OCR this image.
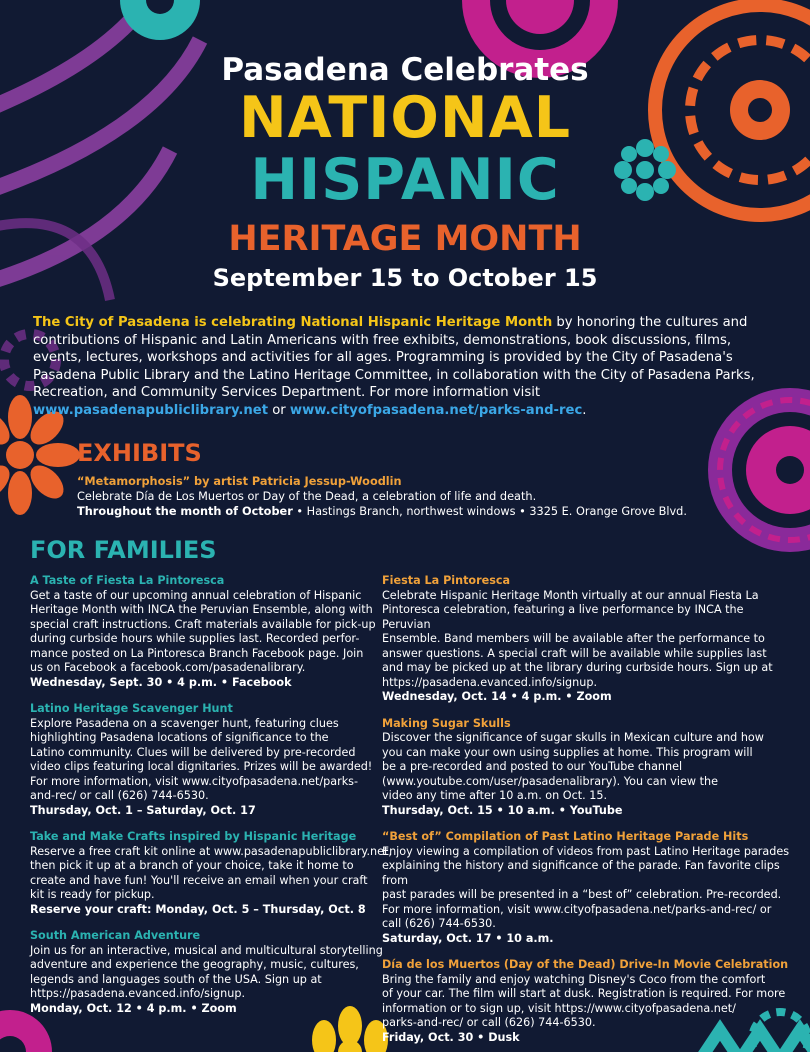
Pasadena Celebrates
NATIONAL
HISPANIC
HERITAGE MONTH
September 15 to October 15

The City of Pasadena is celebrating National Hispanic Heritage Month by honoring the cultures and contributions of Hispanic and Latin Americans with free exhibits, demonstrations, book discussions, films, events, lectures, workshops and activities for all ages. Programming is provided by the City of Pasadena's Pasadena Public Library and the Latino Heritage Committee, in collaboration with the City of Pasadena Parks, Recreation, and Community Services Department. For more information visit www.pasadenapubliclibrary.net or www.cityofpasadena.net/parks-and-rec.

EXHIBITS
“Metamorphosis” by artist Patricia Jessup-Woodlin
Celebrate Día de Los Muertos or Day of the Dead, a celebration of life and death.
Throughout the month of October • Hastings Branch, northwest windows • 3325 E. Orange Grove Blvd.
FOR FAMILIES
A Taste of Fiesta La Pintoresca
Get a taste of our upcoming annual celebration of Hispanic
Heritage Month with INCA the Peruvian Ensemble, along with
special craft instructions. Craft materials available for pick-up
during curbside hours while supplies last. Recorded perfor-
mance posted on La Pintoresca Branch Facebook page. Join
us on Facebook a facebook.com/pasadenalibrary.
Wednesday, Sept. 30 • 4 p.m. • Facebook
Latino Heritage Scavenger Hunt
Explore Pasadena on a scavenger hunt, featuring clues
highlighting Pasadena locations of significance to the
Latino community. Clues will be delivered by pre-recorded
video clips featuring local dignitaries. Prizes will be awarded!
For more information, visit www.cityofpasadena.net/parks-
and-rec/ or call (626) 744-6530.
Thursday, Oct. 1 – Saturday, Oct. 17
Take and Make Crafts inspired by Hispanic Heritage
Reserve a free craft kit online at www.pasadenapubliclibrary.net,
then pick it up at a branch of your choice, take it home to
create and have fun! You'll receive an email when your craft
kit is ready for pickup.
Reserve your craft: Monday, Oct. 5 – Thursday, Oct. 8
South American Adventure
Join us for an interactive, musical and multicultural storytelling
adventure and experience the geography, music, cultures,
legends and languages south of the USA. Sign up at
https://pasadena.evanced.info/signup.
Monday, Oct. 12 • 4 p.m. • Zoom
Fiesta La Pintoresca
Celebrate Hispanic Heritage Month virtually at our annual Fiesta La
Pintoresca celebration, featuring a live performance by INCA the Peruvian
Ensemble. Band members will be available after the performance to
answer questions. A special craft will be available while supplies last
and may be picked up at the library during curbside hours. Sign up at
https://pasadena.evanced.info/signup.
Wednesday, Oct. 14 • 4 p.m. • Zoom
Making Sugar Skulls
Discover the significance of sugar skulls in Mexican culture and how
you can make your own using supplies at home. This program will
be a pre-recorded and posted to our YouTube channel
(www.youtube.com/user/pasadenalibrary). You can view the
video any time after 10 a.m. on Oct. 15.
Thursday, Oct. 15 • 10 a.m. • YouTube
“Best of” Compilation of Past Latino Heritage Parade Hits
Enjoy viewing a compilation of videos from past Latino Heritage parades
explaining the history and significance of the parade. Fan favorite clips from
past parades will be presented in a “best of” celebration. Pre-recorded.
For more information, visit www.cityofpasadena.net/parks-and-rec/ or
call (626) 744-6530.
Saturday, Oct. 17 • 10 a.m.
Día de los Muertos (Day of the Dead) Drive-In Movie Celebration
Bring the family and enjoy watching Disney's Coco from the comfort
of your car. The film will start at dusk. Registration is required. For more
information or to sign up, visit https://www.cityofpasadena.net/
parks-and-rec/ or call (626) 744-6530.
Friday, Oct. 30 • Dusk
